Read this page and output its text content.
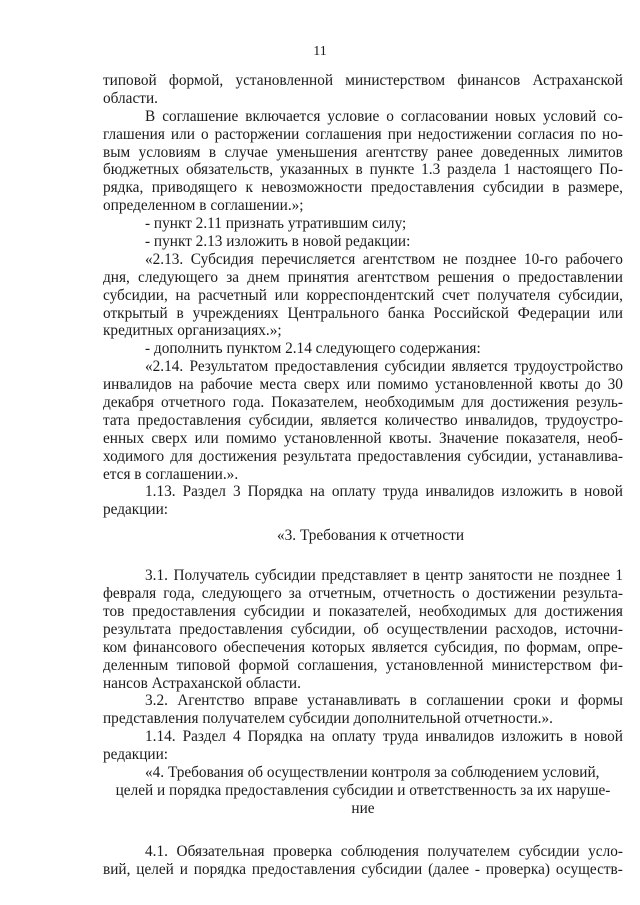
11
типовой формой, установленной министерством финансов Астраханской
области.
В соглашение включается условие о согласовании новых условий со-
глашения или о расторжении соглашения при недостижении согласия по но-
вым условиям в случае уменьшения агентству ранее доведенных лимитов
бюджетных обязательств, указанных в пункте 1.3 раздела 1 настоящего По-
рядка, приводящего к невозможности предоставления субсидии в размере,
определенном в соглашении.»;
- пункт 2.11 признать утратившим силу;
- пункт 2.13 изложить в новой редакции:
«2.13. Субсидия перечисляется агентством не позднее 10-го рабочего
дня, следующего за днем принятия агентством решения о предоставлении
субсидии, на расчетный или корреспондентский счет получателя субсидии,
открытый в учреждениях Центрального банка Российской Федерации или
кредитных организациях.»;
- дополнить пунктом 2.14 следующего содержания:
«2.14. Результатом предоставления субсидии является трудоустройство
инвалидов на рабочие места сверх или помимо установленной квоты до 30
декабря отчетного года. Показателем, необходимым для достижения резуль-
тата предоставления субсидии, является количество инвалидов, трудоустро-
енных сверх или помимо установленной квоты. Значение показателя, необ-
ходимого для достижения результата предоставления субсидии, устанавлива-
ется в соглашении.».
1.13. Раздел 3 Порядка на оплату труда инвалидов изложить в новой
редакции:
«3. Требования к отчетности
3.1. Получатель субсидии представляет в центр занятости не позднее 1
февраля года, следующего за отчетным, отчетность о достижении результа-
тов предоставления субсидии и показателей, необходимых для достижения
результата предоставления субсидии, об осуществлении расходов, источни-
ком финансового обеспечения которых является субсидия, по формам, опре-
деленным типовой формой соглашения, установленной министерством фи-
нансов Астраханской области.
3.2. Агентство вправе устанавливать в соглашении сроки и формы
представления получателем субсидии дополнительной отчетности.».
1.14. Раздел 4 Порядка на оплату труда инвалидов изложить в новой
редакции:
«4. Требования об осуществлении контроля за соблюдением условий,
целей и порядка предоставления субсидии и ответственность за их наруше-
ние
4.1. Обязательная проверка соблюдения получателем субсидии усло-
вий, целей и порядка предоставления субсидии (далее - проверка) осуществ-
